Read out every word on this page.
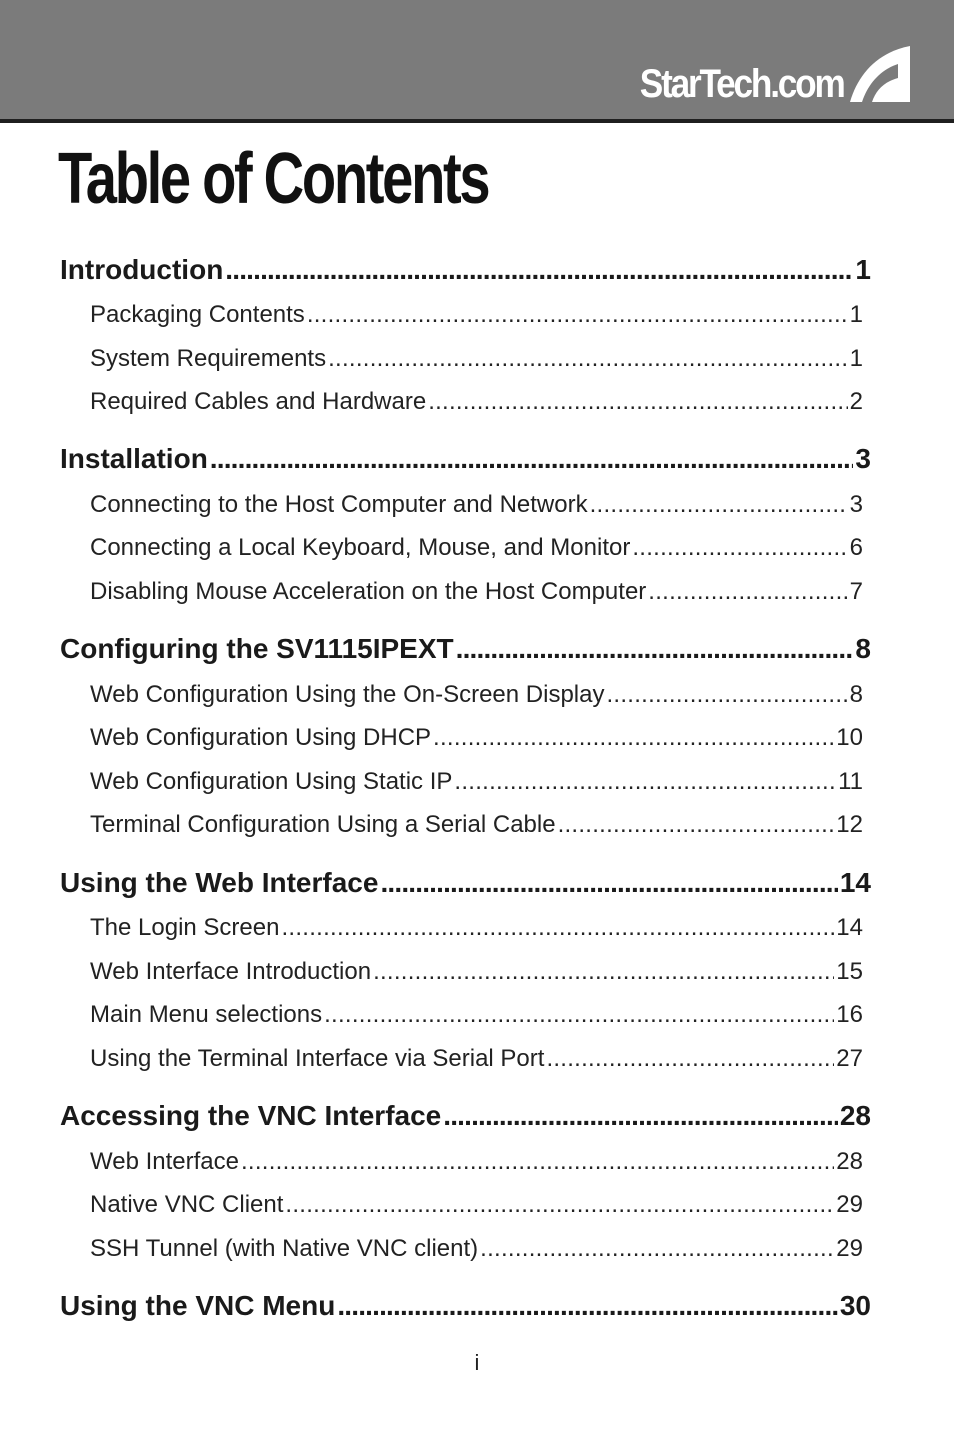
StarTech.com
Table of Contents
Introduction . . .	1
Packaging Contents . . .	1
System Requirements . . .	1
Required Cables and Hardware . . .	2
Installation . . .	3
Connecting to the Host Computer and Network . . .	3
Connecting a Local Keyboard, Mouse, and Monitor . . .	6
Disabling Mouse Acceleration on the Host Computer . . .	7
Configuring the SV1115IPEXT . . .	8
Web Configuration Using the On-Screen Display . . .	8
Web Configuration Using DHCP . . .	10
Web Configuration Using Static IP . . .	11
Terminal Configuration Using a Serial Cable . . .	12
Using the Web Interface . . .	14
The Login Screen . . .	14
Web Interface Introduction . . .	15
Main Menu selections . . .	16
Using the Terminal Interface via Serial Port . . .	27
Accessing the VNC Interface . . .	28
Web Interface . . .	28
Native VNC Client . . .	29
SSH Tunnel (with Native VNC client) . . .	29
Using the VNC Menu . . .	30
i
